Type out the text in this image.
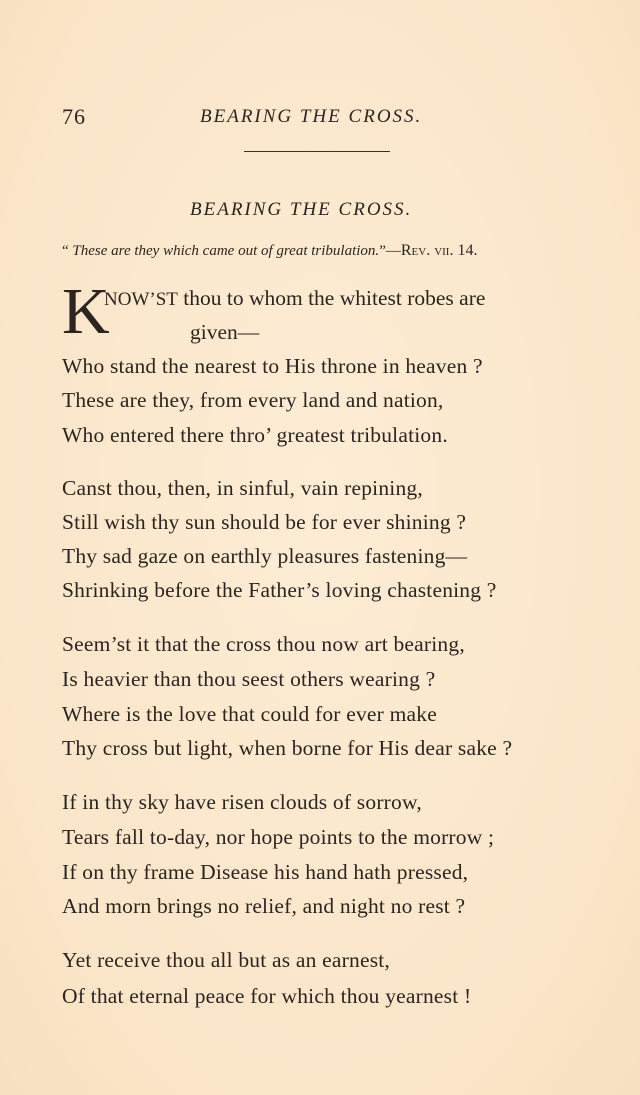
76	BEARING THE CROSS.
BEARING THE CROSS.
“ These are they which came out of great tribulation.”—Rev. vii. 14.
K
NOW’ST thou to whom the whitest robes are
given—
Who stand the nearest to His throne in heaven ?
These are they, from every land and nation,
Who entered there thro’ greatest tribulation.
Canst thou, then, in sinful, vain repining,
Still wish thy sun should be for ever shining ?
Thy sad gaze on earthly pleasures fastening—
Shrinking before the Father’s loving chastening ?
Seem’st it that the cross thou now art bearing,
Is heavier than thou seest others wearing ?
Where is the love that could for ever make
Thy cross but light, when borne for His dear sake ?
If in thy sky have risen clouds of sorrow,
Tears fall to-day, nor hope points to the morrow ;
If on thy frame Disease his hand hath pressed,
And morn brings no relief, and night no rest ?
Yet receive thou all but as an earnest,
Of that eternal peace for which thou yearnest !
